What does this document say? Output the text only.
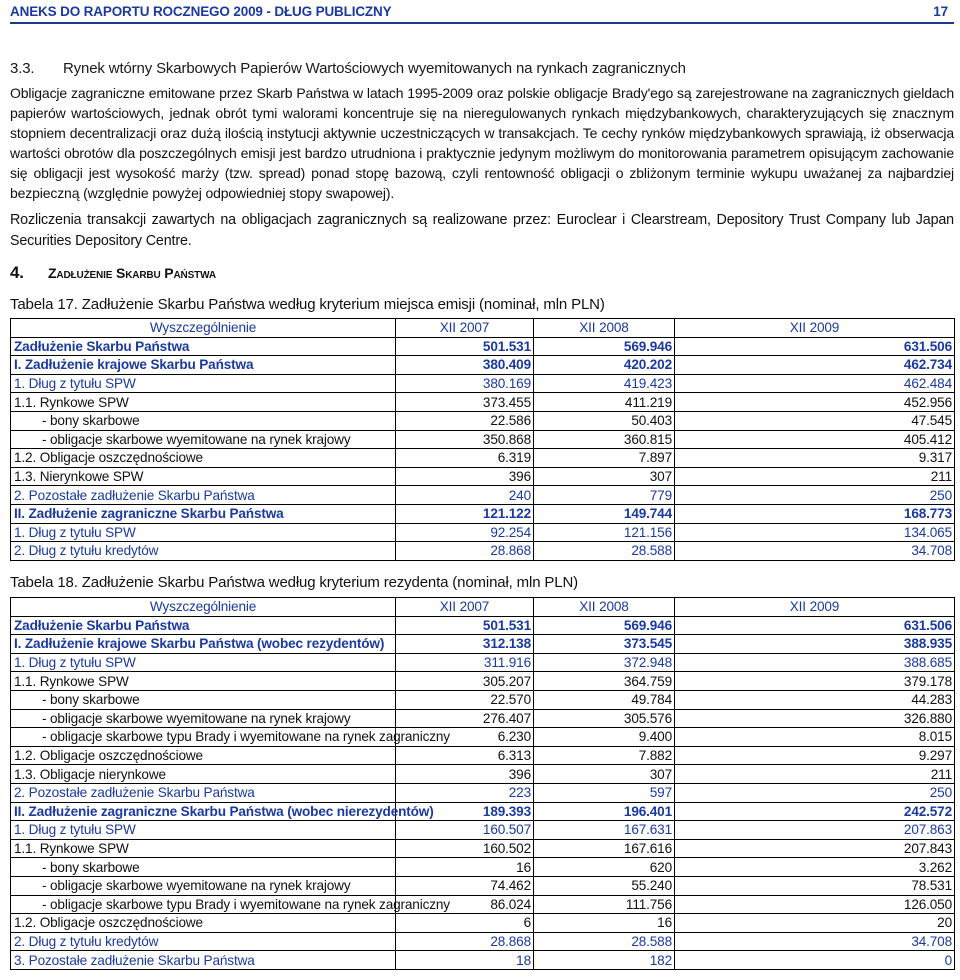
ANEKS DO RAPORTU ROCZNEGO 2009 - DŁUG PUBLICZNY	17
3.3. Rynek wtórny Skarbowych Papierów Wartościowych wyemitowanych na rynkach zagranicznych

Obligacje zagraniczne emitowane przez Skarb Państwa w latach 1995-2009 oraz polskie obligacje Brady'ego są zarejestrowane na zagranicznych gieldach papierów wartościowych, jednak obrót tymi walorami koncentruje się na nieregulowanych rynkach międzybankowych, charakteryzujących się znacznym stopniem decentralizacji oraz dużą ilością instytucji aktywnie uczestniczących w transakcjach. Te cechy rynków międzybankowych sprawiają, iż obserwacja wartości obrotów dla poszczególnych emisji jest bardzo utrudniona i praktycznie jedynym możliwym do monitorowania parametrem opisującym zachowanie się obligacji jest wysokość marży (tzw. spread) ponad stopę bazową, czyli rentowność obligacji o zbliżonym terminie wykupu uważanej za najbardziej bezpieczną (względnie powyżej odpowiedniej stopy swapowej).

Rozliczenia transakcji zawartych na obligacjach zagranicznych są realizowane przez: Euroclear i Clearstream, Depository Trust Company lub Japan Securities Depository Centre.

4. Zadłużenie Skarbu Państwa
Tabela 17. Zadłużenie Skarbu Państwa według kryterium miejsca emisji (nominał, mln PLN)
Wyszczególnienie	XII 2007	XII 2008	XII 2009
Zadłużenie Skarbu Państwa	501.531	569.946	631.506
I. Zadłużenie krajowe Skarbu Państwa	380.409	420.202	462.734
1. Dług z tytułu SPW	380.169	419.423	462.484
1.1. Rynkowe SPW	373.455	411.219	452.956
- bony skarbowe	22.586	50.403	47.545
- obligacje skarbowe wyemitowane na rynek krajowy	350.868	360.815	405.412
1.2. Obligacje oszczędnościowe	6.319	7.897	9.317
1.3. Nierynkowe SPW	396	307	211
2. Pozostałe zadłużenie Skarbu Państwa	240	779	250
II. Zadłużenie zagraniczne Skarbu Państwa	121.122	149.744	168.773
1. Dług z tytułu SPW	92.254	121.156	134.065
2. Dług z tytułu kredytów	28.868	28.588	34.708
Tabela 18. Zadłużenie Skarbu Państwa według kryterium rezydenta (nominał, mln PLN)
Wyszczególnienie	XII 2007	XII 2008	XII 2009
Zadłużenie Skarbu Państwa	501.531	569.946	631.506
I. Zadłużenie krajowe Skarbu Państwa (wobec rezydentów)	312.138	373.545	388.935
1. Dług z tytułu SPW	311.916	372.948	388.685
1.1. Rynkowe SPW	305.207	364.759	379.178
- bony skarbowe	22.570	49.784	44.283
- obligacje skarbowe wyemitowane na rynek krajowy	276.407	305.576	326.880
- obligacje skarbowe typu Brady i wyemitowane na rynek zagraniczny	6.230	9.400	8.015
1.2. Obligacje oszczędnościowe	6.313	7.882	9.297
1.3. Obligacje nierynkowe	396	307	211
2. Pozostałe zadłużenie Skarbu Państwa	223	597	250
II. Zadłużenie zagraniczne Skarbu Państwa (wobec nierezydentów)	189.393	196.401	242.572
1. Dług z tytułu SPW	160.507	167.631	207.863
1.1. Rynkowe SPW	160.502	167.616	207.843
- bony skarbowe	16	620	3.262
- obligacje skarbowe wyemitowane na rynek krajowy	74.462	55.240	78.531
- obligacje skarbowe typu Brady i wyemitowane na rynek zagraniczny	86.024	111.756	126.050
1.2. Obligacje oszczędnościowe	6	16	20
2. Dług z tytułu kredytów	28.868	28.588	34.708
3. Pozostałe zadłużenie Skarbu Państwa	18	182	0
